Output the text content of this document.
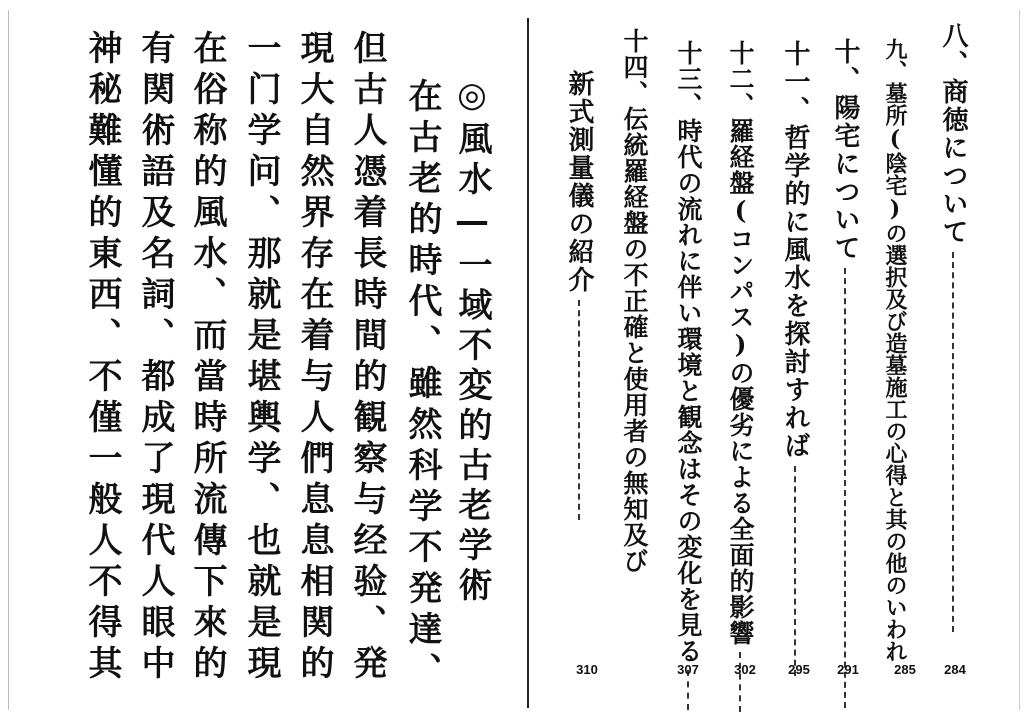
八、商徳について
九、墓所(陰宅)の選択及び造墓施工の心得と其の他のいわれ
十、陽宅について
十一、哲学的に風水を探討すれば
十二、羅経盤(コンパス)の優劣による全面的影響
十三、時代の流れに伴い環境と観念はその変化を見る
十四、伝統羅経盤の不正確と使用者の無知及び
新式測量儀の紹介
284
285
291
295
302
307
310
◎風水—一域不変的古老学術
在古老的時代、雖然科学不発達、
但古人憑着長時間的観察与经验、発
現大自然界存在着与人們息息相関的
一门学问、那就是堪輿学、也就是現
在俗称的風水、而當時所流傳下來的
有関術語及名詞、都成了現代人眼中
神秘難懂的東西、不僅一般人不得其
